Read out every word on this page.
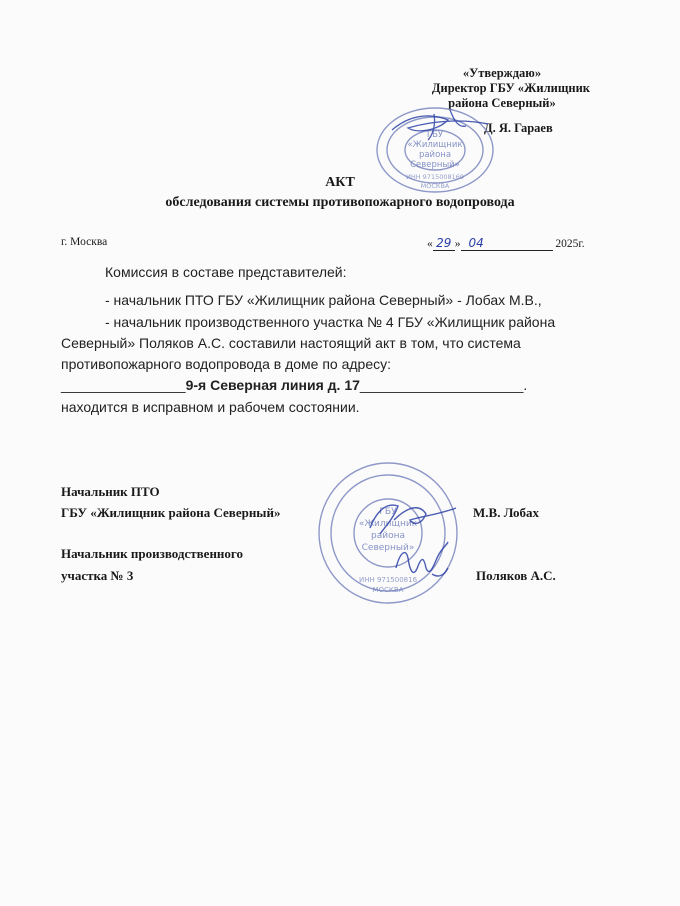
«Утверждаю»
Директор ГБУ «Жилищник
района Северный»
Д. Я. Гараев
ГБУ
«Жилищник
района
Северный»
ИНН 9715008169
МОСКВА
АКТ
обследования системы противопожарного водопровода
г. Москва	« 29 » 04	2025г.
Комиссия в составе представителей:
- начальник ПТО ГБУ «Жилищник района Северный» - Лобах М.В.,
- начальник производственного участка № 4 ГБУ «Жилищник района
Северный» Поляков А.С. составили настоящий акт в том, что система
противопожарного водопровода в доме по адресу:
________________9-я Северная линия д. 17_____________________.
находится в исправном и рабочем состоянии.
ГБУ
«Жилищник
района
Северный»
ИНН 971500816
МОСКВА
Начальник ПТО
ГБУ «Жилищник района Северный»	М.В. Лобах
Начальник производственного
участка № 3	Поляков А.С.
